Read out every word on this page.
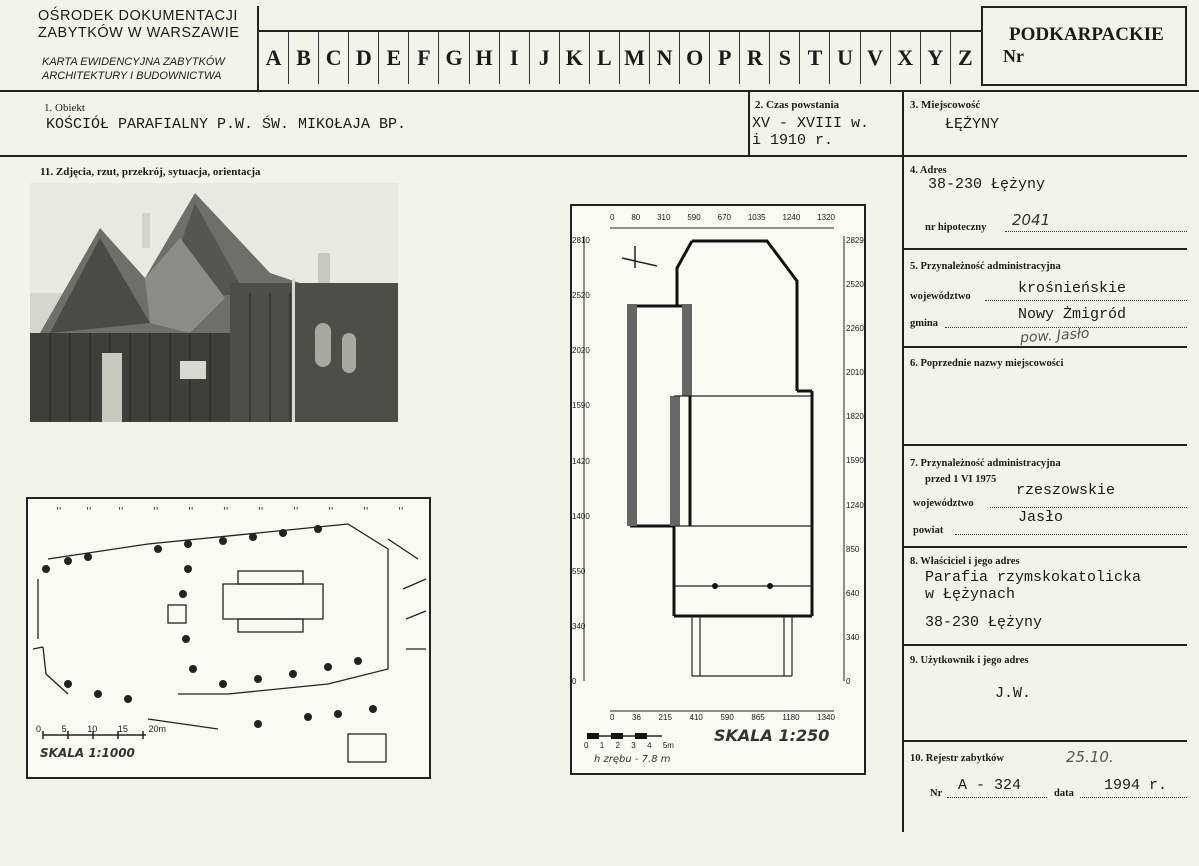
OŚRODEK DOKUMENTACJI
ZABYTKÓW W WARSZAWIE
KARTA EWIDENCYJNA ZABYTKÓW
ARCHITEKTURY I BUDOWNICTWA
A B C D E F G H I J K L M N O P R S T U V X Y Z
PODKARPACKIE
Nr
1. Obiekt
KOŚCIÓŁ PARAFIALNY P.W. ŚW. MIKOŁAJA BP.
2. Czas powstania
XV - XVIII w.
i 1910 r.
3. Miejscowość
ŁĘŻYNY
11. Zdjęcia, rzut, przekrój, sytuacja, orientacja	4. Adres
38-230 Łężyny
nr hipoteczny 2041
5. Przynależność administracyjna
województwo	krośnieńskie
gmina
Nowy Żmigród
pow. Jasło
6. Poprzednie nazwy miejscowości
7. Przynależność administracyjna
przed 1 VI 1975
województwo
rzeszowskie
powiat
Jasło
8. Właściciel i jego adres
Parafia rzymskokatolicka
w Łężynach
38-230 Łężyny
9. Użytkownik i jego adres
J.W.
10. Rejestr zabytków	25.10.
Nr A - 324	data 1994 r.
'' ''	''	''	''	''	''	''	''	''	''
0 5 10 15 20m
SKALA 1:1000
0 80 310 590 670 1035 1240 1320
0 36 215 410 590 865 1180 1340
2810
2520
2020
1590
1420
1400
550
340
0
2829
2520
2260
2010
1820
1590
1240
850
640
340
0
0 1 2 3 4 5m
h zrębu - 7.8 m
SKALA 1:250
